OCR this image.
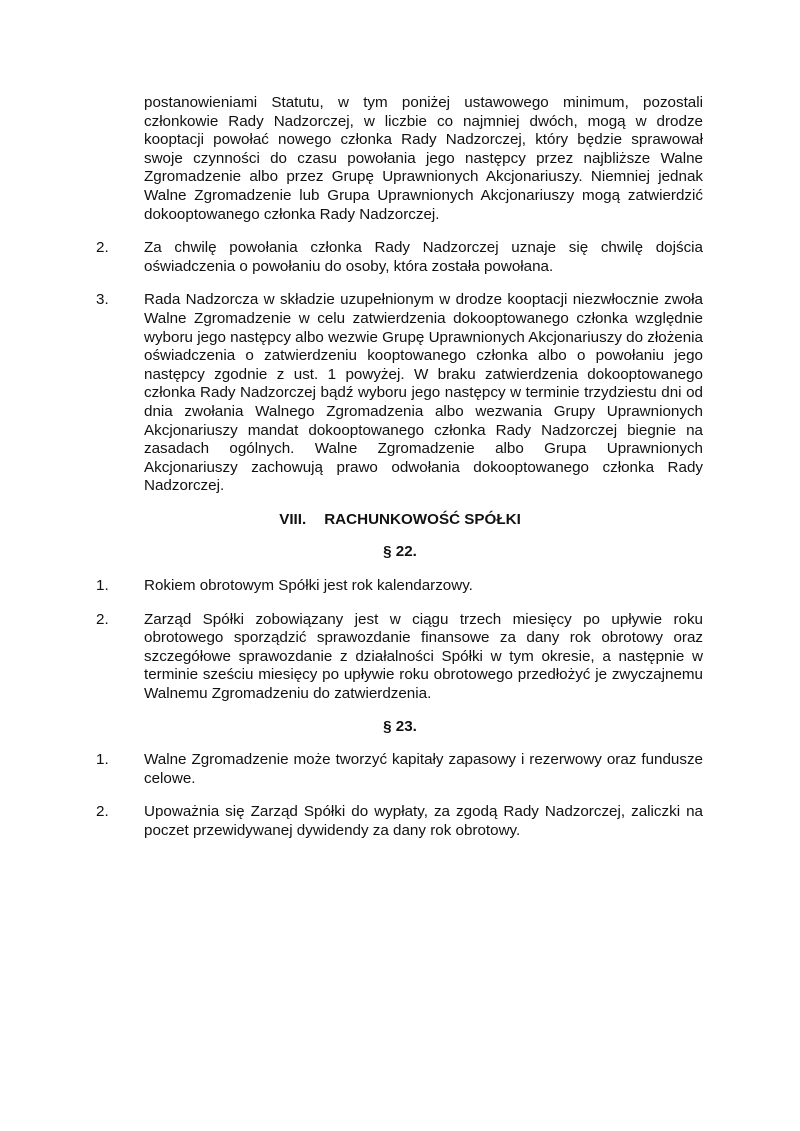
postanowieniami Statutu, w tym poniżej ustawowego minimum, pozostali członkowie Rady Nadzorczej, w liczbie co najmniej dwóch, mogą w drodze kooptacji powołać nowego członka Rady Nadzorczej, który będzie sprawował swoje czynności do czasu powołania jego następcy przez najbliższe Walne Zgromadzenie albo przez Grupę Uprawnionych Akcjonariuszy. Niemniej jednak Walne Zgromadzenie lub Grupa Uprawnionych Akcjonariuszy mogą zatwierdzić dokooptowanego członka Rady Nadzorczej.
2.	Za chwilę powołania członka Rady Nadzorczej uznaje się chwilę dojścia oświadczenia o powołaniu do osoby, która została powołana.
3.	Rada Nadzorcza w składzie uzupełnionym w drodze kooptacji niezwłocznie zwoła Walne Zgromadzenie w celu zatwierdzenia dokooptowanego członka względnie wyboru jego następcy albo wezwie Grupę Uprawnionych Akcjonariuszy do złożenia oświadczenia o zatwierdzeniu kooptowanego członka albo o powołaniu jego następcy zgodnie z ust. 1 powyżej. W braku zatwierdzenia dokooptowanego członka Rady Nadzorczej bądź wyboru jego następcy w terminie trzydziestu dni od dnia zwołania Walnego Zgromadzenia albo wezwania Grupy Uprawnionych Akcjonariuszy mandat dokooptowanego członka Rady Nadzorczej biegnie na zasadach ogólnych. Walne Zgromadzenie albo Grupa Uprawnionych Akcjonariuszy zachowują prawo odwołania dokooptowanego członka Rady Nadzorczej.
VIII. RACHUNKOWOŚĆ SPÓŁKI
§ 22.
1.	Rokiem obrotowym Spółki jest rok kalendarzowy.
2.	Zarząd Spółki zobowiązany jest w ciągu trzech miesięcy po upływie roku obrotowego sporządzić sprawozdanie finansowe za dany rok obrotowy oraz szczegółowe sprawozdanie z działalności Spółki w tym okresie, a następnie w terminie sześciu miesięcy po upływie roku obrotowego przedłożyć je zwyczajnemu Walnemu Zgromadzeniu do zatwierdzenia.
§ 23.
1.	Walne Zgromadzenie może tworzyć kapitały zapasowy i rezerwowy oraz fundusze celowe.
2.	Upoważnia się Zarząd Spółki do wypłaty, za zgodą Rady Nadzorczej, zaliczki na poczet przewidywanej dywidendy za dany rok obrotowy.
